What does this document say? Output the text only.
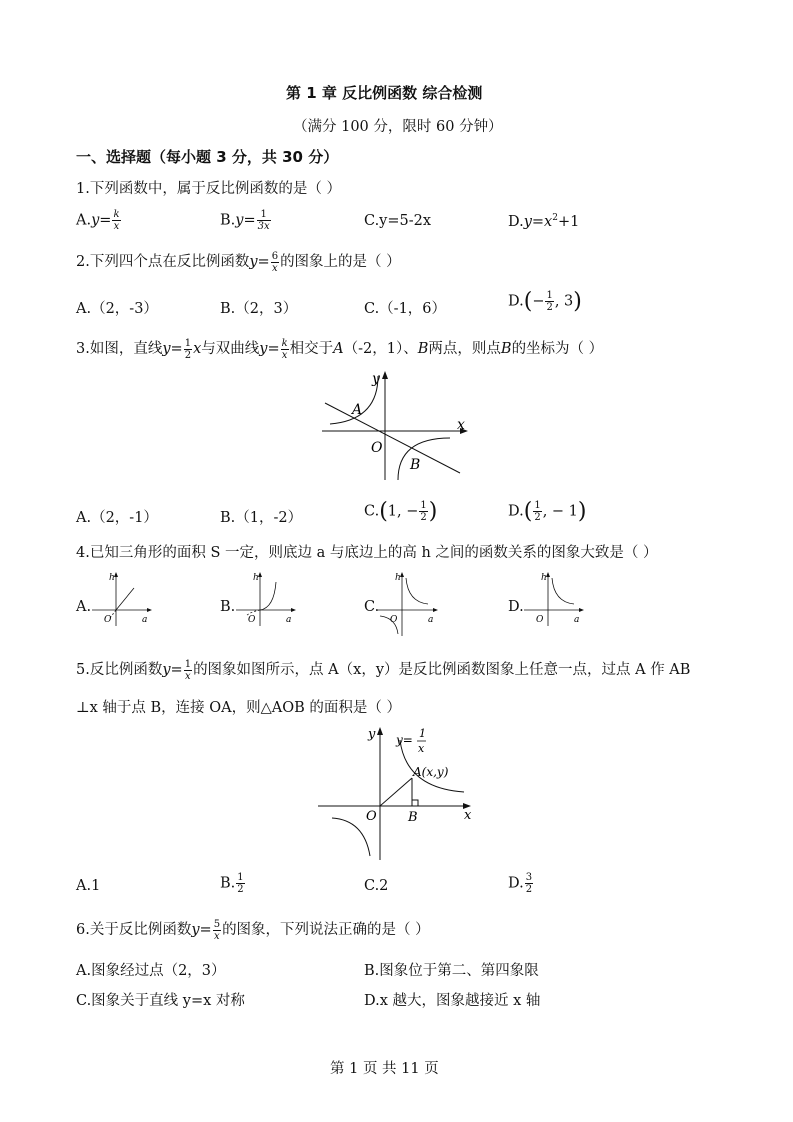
第 1 章 反比例函数 综合检测
（满分 100 分，限时 60 分钟）
一、选择题（每小题 3 分，共 30 分）
1.下列函数中，属于反比例函数的是（ ）
$A.y= \frac{k}{x}$	$B.y= \frac{1}{3x}$	C.y=5-2x	$D.y=x^2+1$
2.下列四个点在反比例函数$y= \frac{6}{x}$ 的图象上的是（ ）
A.（2，-3）	B.（2，3）	C.（-1，6）	$D.(- \frac{1}{2}$ , 3)
3.如图，直线$y= \frac{1}{2}$ x与双曲线$y= \frac{k}{x}$ 相交于A（-2，1）、B两点，则点B的坐标为（ ）
y
x
A
O
B
A.（2，-1）	B.（1，-2）	C.(1, − $\frac{1}{2}$ )	$D.( \frac{1}{2}$ , − 1)
4.已知三角形的面积 S 一定，则底边 a 与底边上的高 h 之间的函数关系的图象大致是（ ）
A.
h
O	a
B.
h
O	a
C.
h
O	a
D.
h
O	a
5.反比例函数$y= \frac{1}{x}$ 的图象如图所示，点 A（x，y）是反比例函数图象上任意一点，过点 A 作 AB
⊥x 轴于点 B，连接 OA，则△AOB 的面积是（ ）
y
x
O B
A(x,y)
y= 1
x
A.1	B. $\frac{1}{2}$	C.2	D. $\frac{3}{2}$
6.关于反比例函数$y= \frac{5}{x}$ 的图象，下列说法正确的是（ ）
A.图象经过点（2，3）	B.图象位于第二、第四象限
C.图象关于直线 y=x 对称	D.x 越大，图象越接近 x 轴
第 1 页 共 11 页
